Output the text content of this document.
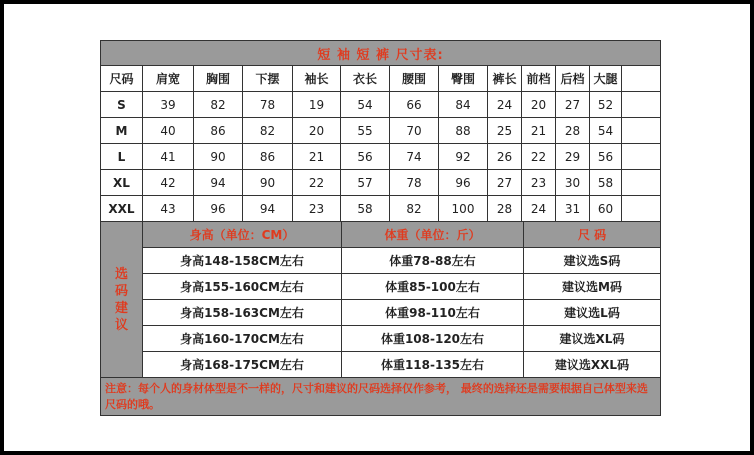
短 袖 短 裤 尺寸表:												
尺码	肩宽	胸围	下摆	袖长	衣长	腰围	臀围	裤长	前档	后档	大腿	
S	39	82	78	19	54	66	84	24	20	27	52	
M	40	86	82	20	55	70	88	25	21	28	54	
L	41	90	86	21	56	74	92	26	22	29	56	
XL	42	94	90	22	57	78	96	27	23	30	58	
XXL	43	96	94	23	58	82	100	28	24	31	60	
选码建议	身高（单位：CM）	体重（单位：斤）	尺 码
	身高148-158CM左右	体重78-88左右	建议选S码
	身高155-160CM左右	体重85-100左右	建议选M码
	身高158-163CM左右	体重98-110左右	建议选L码
	身高160-170CM左右	体重108-120左右	建议选XL码
	身高168-175CM左右	体重118-135左右	建议选XXL码
注意：每个人的身材体型是不一样的，尺寸和建议的尺码选择仅作参考， 最终的选择还是需要根据自己体型来选尺码的哦。			
